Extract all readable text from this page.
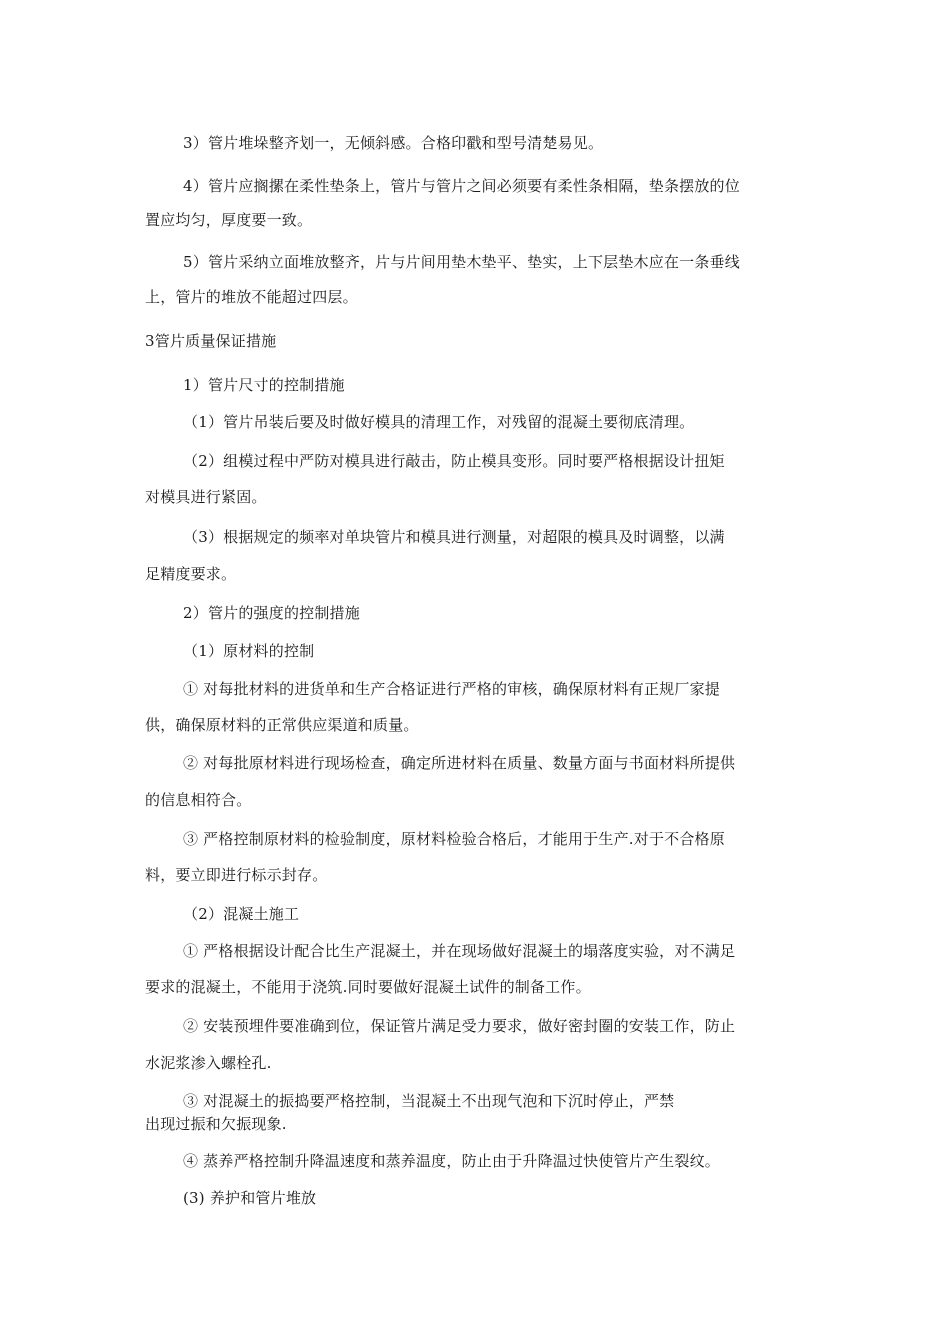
3）管片堆垛整齐划一，无倾斜感。合格印戳和型号清楚易见。
4）管片应搁摞在柔性垫条上，管片与管片之间必须要有柔性条相隔，垫条摆放的位
置应均匀，厚度要一致。
5）管片采纳立面堆放整齐，片与片间用垫木垫平、垫实，上下层垫木应在一条垂线
上，管片的堆放不能超过四层。
3管片质量保证措施
1）管片尺寸的控制措施
（1）管片吊装后要及时做好模具的清理工作，对残留的混凝土要彻底清理。
（2）组模过程中严防对模具进行敲击，防止模具变形。同时要严格根据设计扭矩
对模具进行紧固。
（3）根据规定的频率对单块管片和模具进行测量，对超限的模具及时调整，以满
足精度要求。
2）管片的强度的控制措施
（1）原材料的控制
① 对每批材料的进货单和生产合格证进行严格的审核，确保原材料有正规厂家提
供，确保原材料的正常供应渠道和质量。
② 对每批原材料进行现场检查，确定所进材料在质量、数量方面与书面材料所提供
的信息相符合。
③ 严格控制原材料的检验制度，原材料检验合格后，才能用于生产.对于不合格原
料，要立即进行标示封存。
（2）混凝土施工
① 严格根据设计配合比生产混凝土，并在现场做好混凝土的塌落度实验，对不满足
要求的混凝土，不能用于浇筑.同时要做好混凝土试件的制备工作。
② 安装预埋件要准确到位，保证管片满足受力要求，做好密封圈的安装工作，防止
水泥浆渗入螺栓孔.
③ 对混凝土的振捣要严格控制，当混凝土不出现气泡和下沉时停止，严禁
出现过振和欠振现象.
④ 蒸养严格控制升降温速度和蒸养温度，防止由于升降温过快使管片产生裂纹。
(3) 养护和管片堆放
